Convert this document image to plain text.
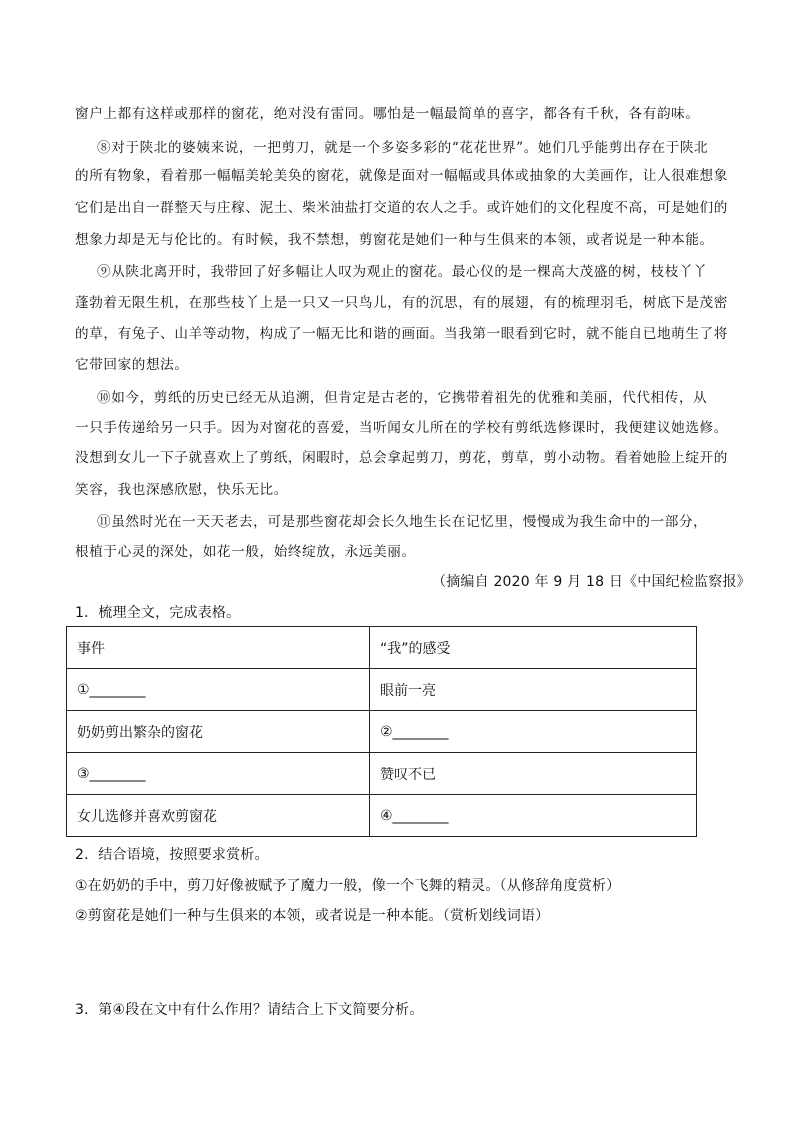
窗户上都有这样或那样的窗花，绝对没有雷同。哪怕是一幅最简单的喜字，都各有千秋，各有韵味。
⑧对于陕北的婆姨来说，一把剪刀，就是一个多姿多彩的“花花世界”。她们几乎能剪出存在于陕北
的所有物象，看着那一幅幅美轮美奂的窗花，就像是面对一幅幅或具体或抽象的大美画作，让人很难想象
它们是出自一群整天与庄稼、泥土、柴米油盐打交道的农人之手。或许她们的文化程度不高，可是她们的
想象力却是无与伦比的。有时候，我不禁想，剪窗花是她们一种与生俱来的本领，或者说是一种本能。
⑨从陕北离开时，我带回了好多幅让人叹为观止的窗花。最心仪的是一棵高大茂盛的树，枝枝丫丫
蓬勃着无限生机，在那些枝丫上是一只又一只鸟儿，有的沉思，有的展翅，有的梳理羽毛，树底下是茂密
的草，有兔子、山羊等动物，构成了一幅无比和谐的画面。当我第一眼看到它时，就不能自已地萌生了将
它带回家的想法。
⑩如今，剪纸的历史已经无从追溯，但肯定是古老的，它携带着祖先的优雅和美丽，代代相传，从
一只手传递给另一只手。因为对窗花的喜爱，当听闻女儿所在的学校有剪纸选修课时，我便建议她选修。
没想到女儿一下子就喜欢上了剪纸，闲暇时，总会拿起剪刀，剪花，剪草，剪小动物。看着她脸上绽开的
笑容，我也深感欣慰，快乐无比。
⑪虽然时光在一天天老去，可是那些窗花却会长久地生长在记忆里，慢慢成为我生命中的一部分，
根植于心灵的深处，如花一般，始终绽放，永远美丽。
（摘编自 2020 年 9 月 18 日《中国纪检监察报》
1．梳理全文，完成表格。
事件	“我”的感受
①________	眼前一亮
奶奶剪出繁杂的窗花	②________
③________	赞叹不已
女儿选修并喜欢剪窗花	④________
2．结合语境，按照要求赏析。
①在奶奶的手中，剪刀好像被赋予了魔力一般，像一个飞舞的精灵。（从修辞角度赏析）
②剪窗花是她们一种与生俱来的本领，或者说是一种本能。（赏析划线词语）
3．第④段在文中有什么作用？请结合上下文简要分析。
